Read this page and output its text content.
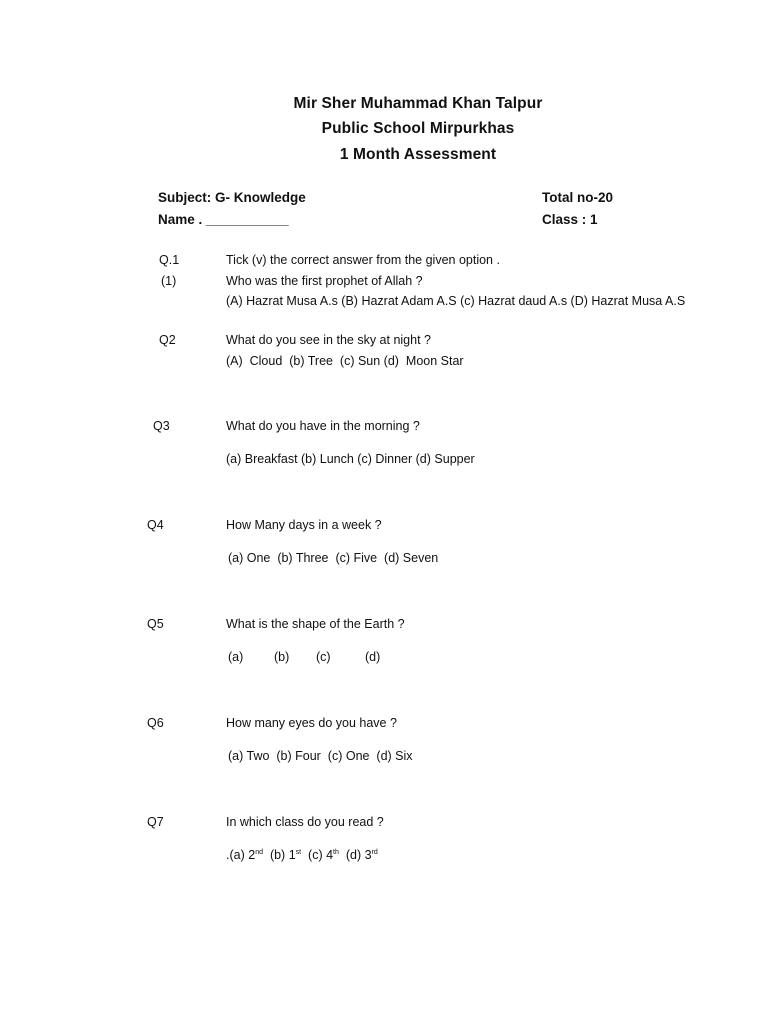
Mir Sher Muhammad Khan Talpur
Public School Mirpurkhas
1 Month Assessment
Subject: G- Knowledge
Name . ___________
Total no-20
Class : 1
Q.1
(1)
Tick (v) the correct answer from the given option .
Who was the first prophet of Allah ?
(A) Hazrat Musa A.s (B) Hazrat Adam A.S (c) Hazrat daud A.s (D) Hazrat Musa A.S
Q2	What do you see in the sky at night ?
(A)  Cloud  (b) Tree  (c) Sun (d)  Moon Star
Q3	What do you have in the morning ?
(a) Breakfast (b) Lunch (c) Dinner (d) Supper
Q4	How Many days in a week ?
(a) One  (b) Three  (c) Five  (d) Seven
Q5	What is the shape of the Earth ?
(a) (b) (c)	(d)
Q6	How many eyes do you have ?
(a) Two  (b) Four  (c) One  (d) Six
Q7	In which class do you read ?
.(a) 2nd (b) 1st (c) 4th (d) 3rd
